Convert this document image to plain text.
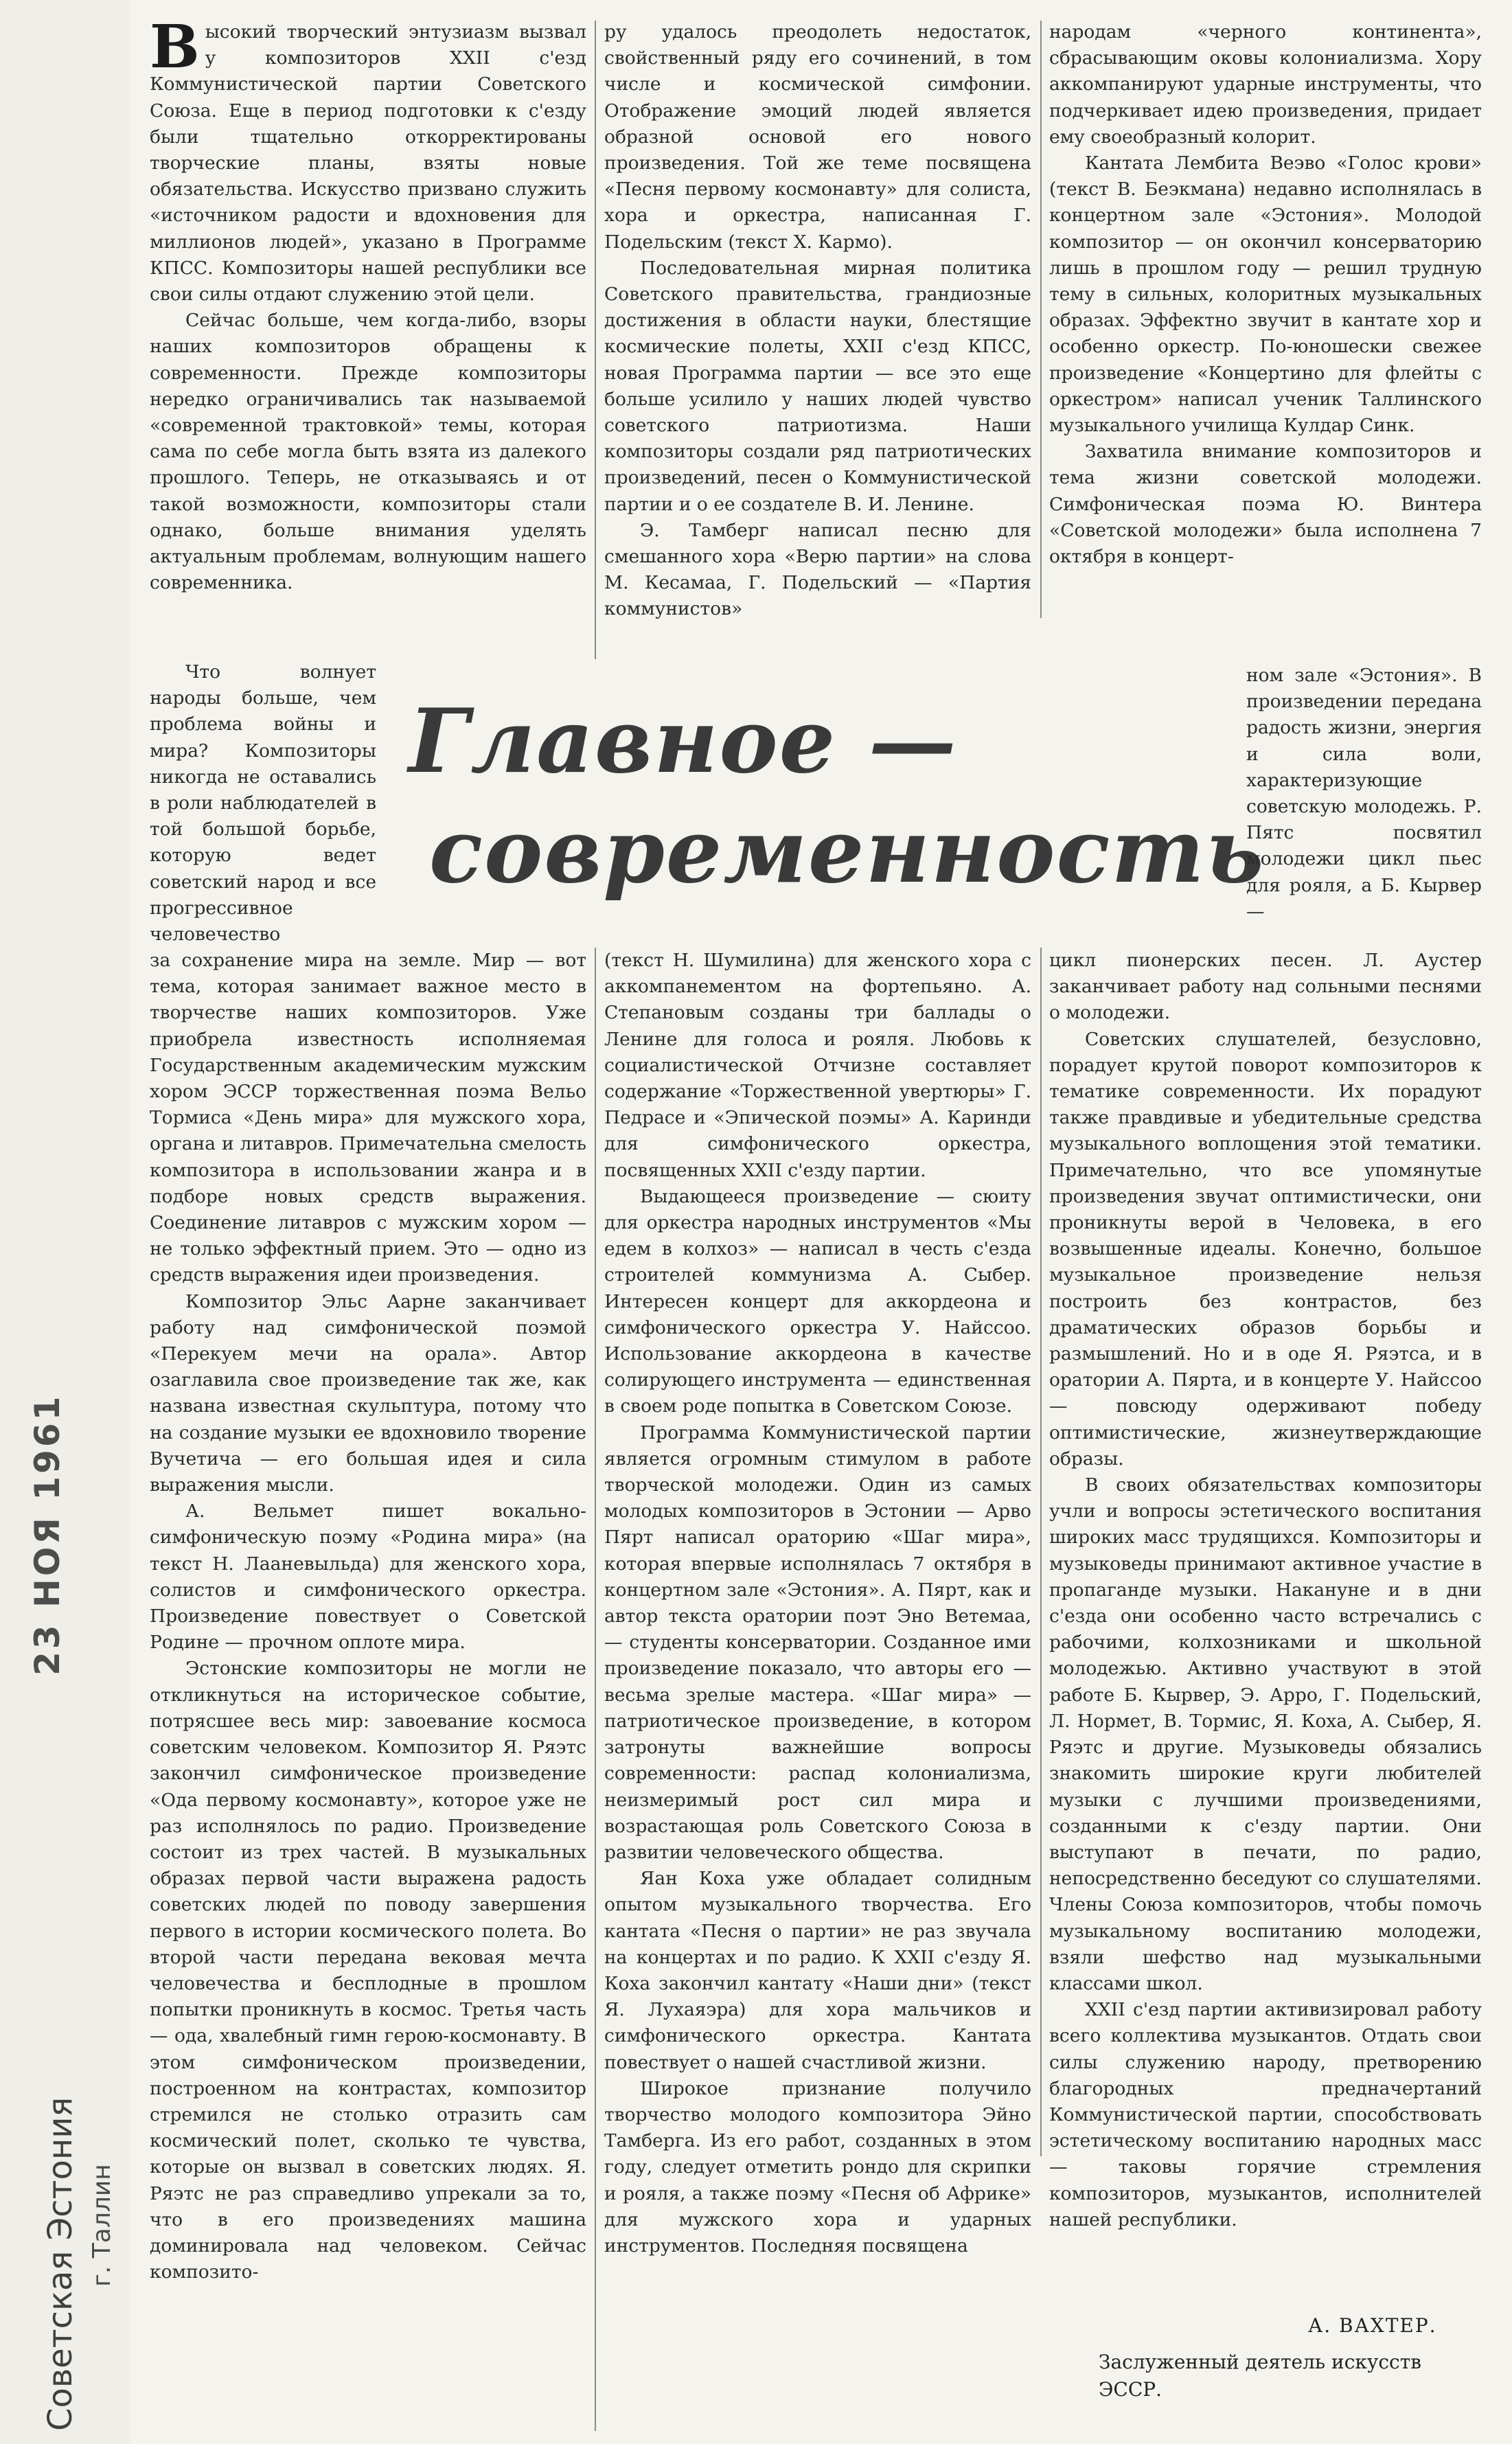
23 НОЯ 1961
Советская Эстония г. Таллин

Высокий творческий энтузиазм вызвал у композиторов XXII с'езд Коммунистической партии Советского Союза. Еще в период подготовки к с'езду были тщательно откорректированы творческие планы, взяты новые обязательства. Искусство призвано служить «источником радости и вдохновения для миллионов людей», указано в Программе КПСС. Композиторы нашей республики все свои силы отдают служению этой цели.

Сейчас больше, чем когда-либо, взоры наших композиторов обращены к современности. Прежде композиторы нередко ограничивались так называемой «современной трактовкой» темы, которая сама по себе могла быть взята из далекого прошлого. Теперь, не отказываясь и от такой возможности, композиторы стали однако, больше внимания уделять актуальным проблемам, волнующим нашего современника.

Что волнует народы больше, чем проблема войны и мира? Композиторы никогда не оставались в роли наблюдателей в той большой борьбе, которую ведет советский народ и все прогрессивное человечество

Главное —
современность

за сохранение мира на земле. Мир — вот тема, которая занимает важное место в творчестве наших композиторов. Уже приобрела известность исполняемая Государственным академическим мужским хором ЭССР торжественная поэма Вельо Тормиса «День мира» для мужского хора, органа и литавров. Примечательна смелость композитора в использовании жанра и в подборе новых средств выражения. Соединение литавров с мужским хором — не только эффектный прием. Это — одно из средств выражения идеи произведения.

Композитор Эльс Аарне заканчивает работу над симфонической поэмой «Перекуем мечи на орала». Автор озаглавила свое произведение так же, как названа известная скульптура, потому что на создание музыки ее вдохновило творение Вучетича — его большая идея и сила выражения мысли.

А. Вельмет пишет вокально-симфоническую поэму «Родина мира» (на текст Н. Лааневыльда) для женского хора, солистов и симфонического оркестра. Произведение повествует о Советской Родине — прочном оплоте мира.

Эстонские композиторы не могли не откликнуться на историческое событие, потрясшее весь мир: завоевание космоса советским человеком. Композитор Я. Ряэтс закончил симфоническое произведение «Ода первому космонавту», которое уже не раз исполнялось по радио. Произведение состоит из трех частей. В музыкальных образах первой части выражена радость советских людей по поводу завершения первого в истории космического полета. Во второй части передана вековая мечта человечества и бесплодные в прошлом попытки проникнуть в космос. Третья часть — ода, хвалебный гимн герою-космонавту. В этом симфоническом произведении, построенном на контрастах, композитор стремился не столько отразить сам космический полет, сколько те чувства, которые он вызвал в советских людях. Я. Ряэтс не раз справедливо упрекали за то, что в его произведениях машина доминировала над человеком. Сейчас композито-

ру удалось преодолеть недостаток, свойственный ряду его сочинений, в том числе и космической симфонии. Отображение эмоций людей является образной основой его нового произведения. Той же теме посвящена «Песня первому космонавту» для солиста, хора и оркестра, написанная Г. Подельским (текст Х. Кармо).

Последовательная мирная политика Советского правительства, грандиозные достижения в области науки, блестящие космические полеты, XXII с'езд КПСС, новая Программа партии — все это еще больше усилило у наших людей чувство советского патриотизма. Наши композиторы создали ряд патриотических произведений, песен о Коммунистической партии и о ее создателе В. И. Ленине.

Э. Тамберг написал песню для смешанного хора «Верю партии» на слова М. Кесамаа, Г. Подельский — «Партия коммунистов»

(текст Н. Шумилина) для женского хора с аккомпанементом на фортепьяно. А. Степановым созданы три баллады о Ленине для голоса и рояля. Любовь к социалистической Отчизне составляет содержание «Торжественной увертюры» Г. Педрасе и «Эпической поэмы» А. Каринди для симфонического оркестра, посвященных XXII с'езду партии.

Выдающееся произведение — сюиту для оркестра народных инструментов «Мы едем в колхоз» — написал в честь с'езда строителей коммунизма А. Сыбер. Интересен концерт для аккордеона и симфонического оркестра У. Найссоо. Использование аккордеона в качестве солирующего инструмента — единственная в своем роде попытка в Советском Союзе.

Программа Коммунистической партии является огромным стимулом в работе творческой молодежи. Один из самых молодых композиторов в Эстонии — Арво Пярт написал ораторию «Шаг мира», которая впервые исполнялась 7 октября в концертном зале «Эстония». А. Пярт, как и автор текста оратории поэт Эно Ветемаа, — студенты консерватории. Созданное ими произведение показало, что авторы его — весьма зрелые мастера. «Шаг мира» — патриотическое произведение, в котором затронуты важнейшие вопросы современности: распад колониализма, неизмеримый рост сил мира и возрастающая роль Советского Союза в развитии человеческого общества.

Яан Коха уже обладает солидным опытом музыкального творчества. Его кантата «Песня о партии» не раз звучала на концертах и по радио. К XXII с'езду Я. Коха закончил кантату «Наши дни» (текст Я. Лухаяэра) для хора мальчиков и симфонического оркестра. Кантата повествует о нашей счастливой жизни.

Широкое признание получило творчество молодого композитора Эйно Тамберга. Из его работ, созданных в этом году, следует отметить рондо для скрипки и рояля, а также поэму «Песня об Африке» для мужского хора и ударных инструментов. Последняя посвящена

народам «черного континента», сбрасывающим оковы колониализма. Хору аккомпанируют ударные инструменты, что подчеркивает идею произведения, придает ему своеобразный колорит.

Кантата Лембита Веэво «Голос крови» (текст В. Беэкмана) недавно исполнялась в концертном зале «Эстония». Молодой композитор — он окончил консерваторию лишь в прошлом году — решил трудную тему в сильных, колоритных музыкальных образах. Эффектно звучит в кантате хор и особенно оркестр. По-юношески свежее произведение «Концертино для флейты с оркестром» написал ученик Таллинского музыкального училища Кулдар Синк.

Захватила внимание композиторов и тема жизни советской молодежи. Симфоническая поэма Ю. Винтера «Советской молодежи» была исполнена 7 октября в концерт-

ном зале «Эстония». В произведении передана радость жизни, энергия и сила воли, характеризующие советскую молодежь. Р. Пятс посвятил молодежи цикл пьес для рояля, а Б. Кырвер —

цикл пионерских песен. Л. Аустер заканчивает работу над сольными песнями о молодежи.

Советских слушателей, безусловно, порадует крутой поворот композиторов к тематике современности. Их порадуют также правдивые и убедительные средства музыкального воплощения этой тематики. Примечательно, что все упомянутые произведения звучат оптимистически, они проникнуты верой в Человека, в его возвышенные идеалы. Конечно, большое музыкальное произведение нельзя построить без контрастов, без драматических образов борьбы и размышлений. Но и в оде Я. Ряэтса, и в оратории А. Пярта, и в концерте У. Найссоо — повсюду одерживают победу оптимистические, жизнеутверждающие образы.

В своих обязательствах композиторы учли и вопросы эстетического воспитания широких масс трудящихся. Композиторы и музыковеды принимают активное участие в пропаганде музыки. Накануне и в дни с'езда они особенно часто встречались с рабочими, колхозниками и школьной молодежью. Активно участвуют в этой работе Б. Кырвер, Э. Арро, Г. Подельский, Л. Нормет, В. Тормис, Я. Коха, А. Сыбер, Я. Ряэтс и другие. Музыковеды обязались знакомить широкие круги любителей музыки с лучшими произведениями, созданными к с'езду партии. Они выступают в печати, по радио, непосредственно беседуют со слушателями. Члены Союза композиторов, чтобы помочь музыкальному воспитанию молодежи, взяли шефство над музыкальными классами школ.

XXII с'езд партии активизировал работу всего коллектива музыкантов. Отдать свои силы служению народу, претворению благородных предначертаний Коммунистической партии, способствовать эстетическому воспитанию народных масс — таковы горячие стремления композиторов, музыкантов, исполнителей нашей республики.

А. ВАХТЕР.
Заслуженный деятель искусств ЭССР.
